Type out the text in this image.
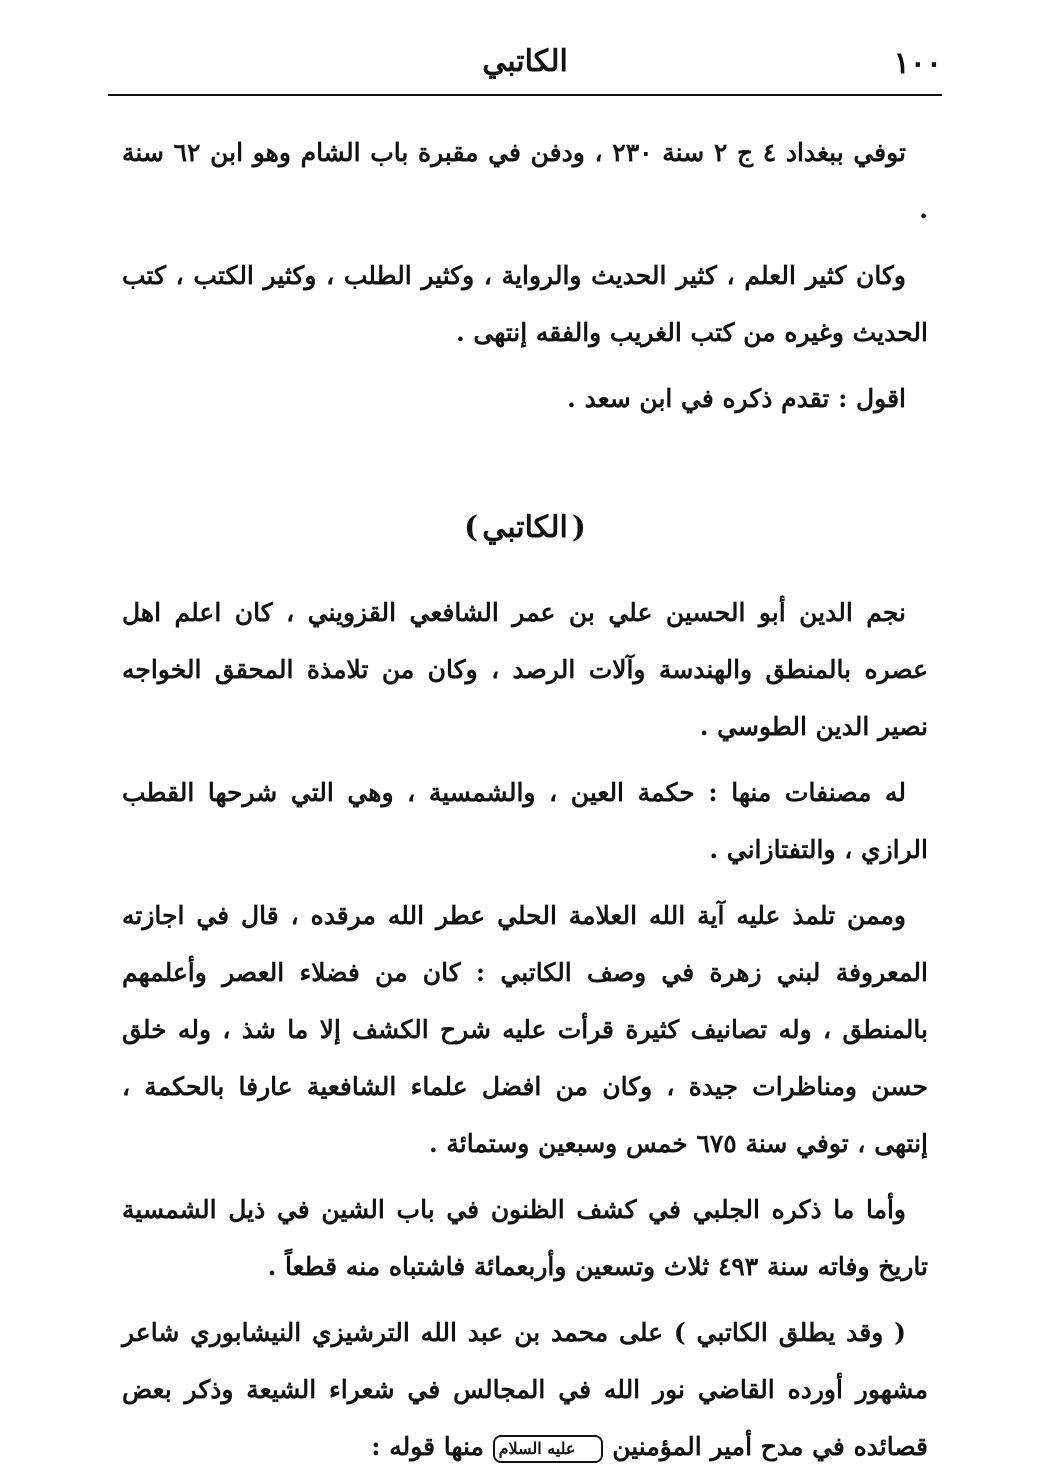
١٠٠
الكاتبي

توفي ببغداد ٤ ج ٢ سنة ٢٣٠ ، ودفن في مقبرة باب الشام وهو ابن ٦٢ سنة .

وكان كثير العلم ، كثير الحديث والرواية ، وكثير الطلب ، وكثير الكتب ، كتب الحديث وغيره من كتب الغريب والفقه إنتهى .

اقول : تقدم ذكره في ابن سعد .

(الكاتبي)

نجم الدين أبو الحسين علي بن عمر الشافعي القزويني ، كان اعلم اهل عصره بالمنطق والهندسة وآلات الرصد ، وكان من تلامذة المحقق الخواجه نصير الدين الطوسي .

له مصنفات منها : حكمة العين ، والشمسية ، وهي التي شرحها القطب الرازي ، والتفتازاني .

وممن تلمذ عليه آية الله العلامة الحلي عطر الله مرقده ، قال في اجازته المعروفة لبني زهرة في وصف الكاتبي : كان من فضلاء العصر وأعلمهم بالمنطق ، وله تصانيف كثيرة قرأت عليه شرح الكشف إلا ما شذ ، وله خلق حسن ومناظرات جيدة ، وكان من افضل علماء الشافعية عارفا بالحكمة ، إنتهى ، توفي سنة ٦٧٥ خمس وسبعين وستمائة .

وأما ما ذكره الجلبي في كشف الظنون في باب الشين في ذيل الشمسية تاريخ وفاته سنة ٤٩٣ ثلاث وتسعين وأربعمائة فاشتباه منه قطعاً .

( وقد يطلق الكاتبي ) على محمد بن عبد الله الترشيزي النيشابوري شاعر مشهور أورده القاضي نور الله في المجالس في شعراء الشيعة وذكر بعض قصائده في مدح أمير المؤمنين عليه السلام منها قوله :
